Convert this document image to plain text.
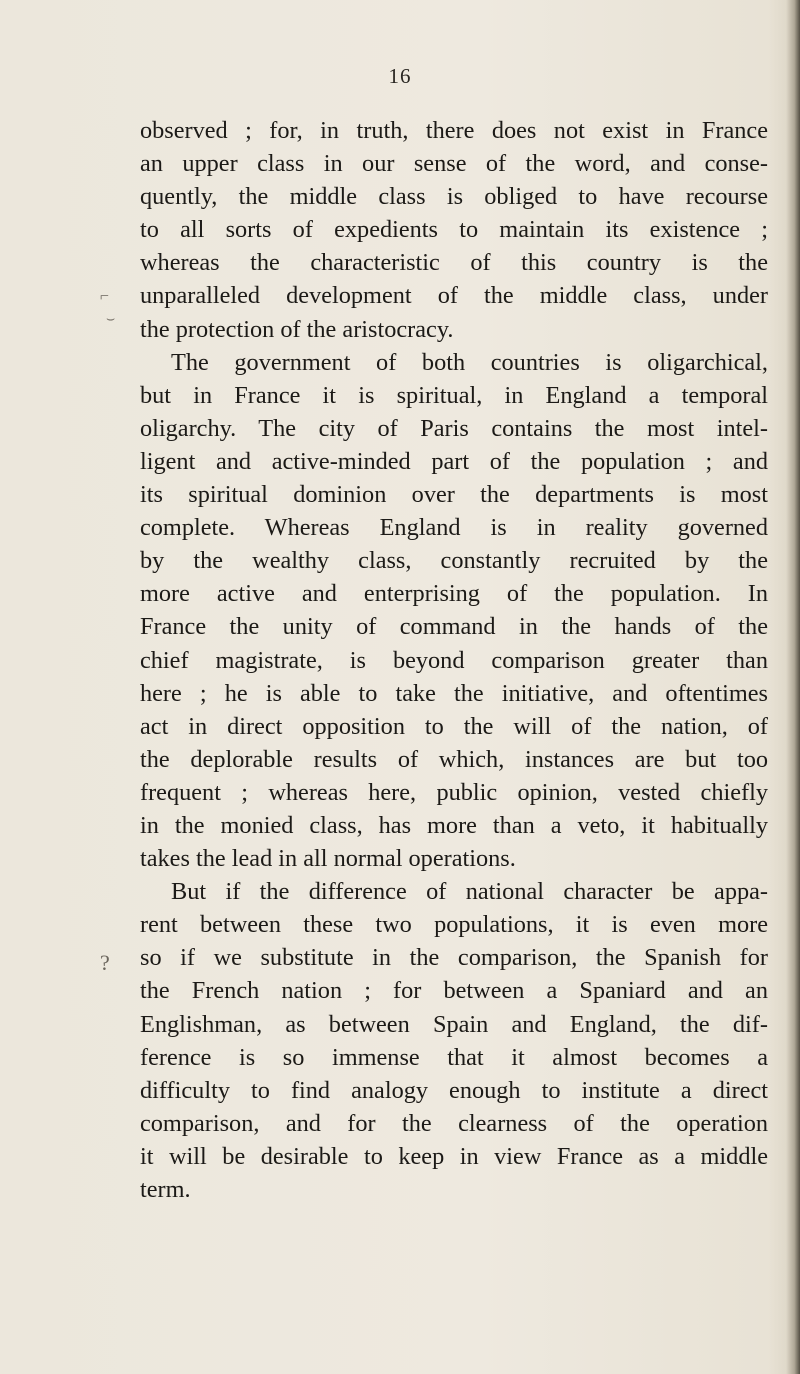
16
observed ; for, in truth, there does not exist in France
an upper class in our sense of the word, and conse-
quently, the middle class is obliged to have recourse
to all sorts of expedients to maintain its existence ;
whereas the characteristic of this country is the
unparalleled development of the middle class, under
the protection of the aristocracy.
The government of both countries is oligarchical,
but in France it is spiritual, in England a temporal
oligarchy. The city of Paris contains the most intel-
ligent and active-minded part of the population ; and
its spiritual dominion over the departments is most
complete. Whereas England is in reality governed
by the wealthy class, constantly recruited by the
more active and enterprising of the population. In
France the unity of command in the hands of the
chief magistrate, is beyond comparison greater than
here ; he is able to take the initiative, and oftentimes
act in direct opposition to the will of the nation, of
the deplorable results of which, instances are but too
frequent ; whereas here, public opinion, vested chiefly
in the monied class, has more than a veto, it habitually
takes the lead in all normal operations.
But if the difference of national character be appa-
rent between these two populations, it is even more
so if we substitute in the comparison, the Spanish for
the French nation ; for between a Spaniard and an
Englishman, as between Spain and England, the dif-
ference is so immense that it almost becomes a
difficulty to find analogy enough to institute a direct
comparison, and for the clearness of the operation
it will be desirable to keep in view France as a middle
term.
⌐
⌣
?
